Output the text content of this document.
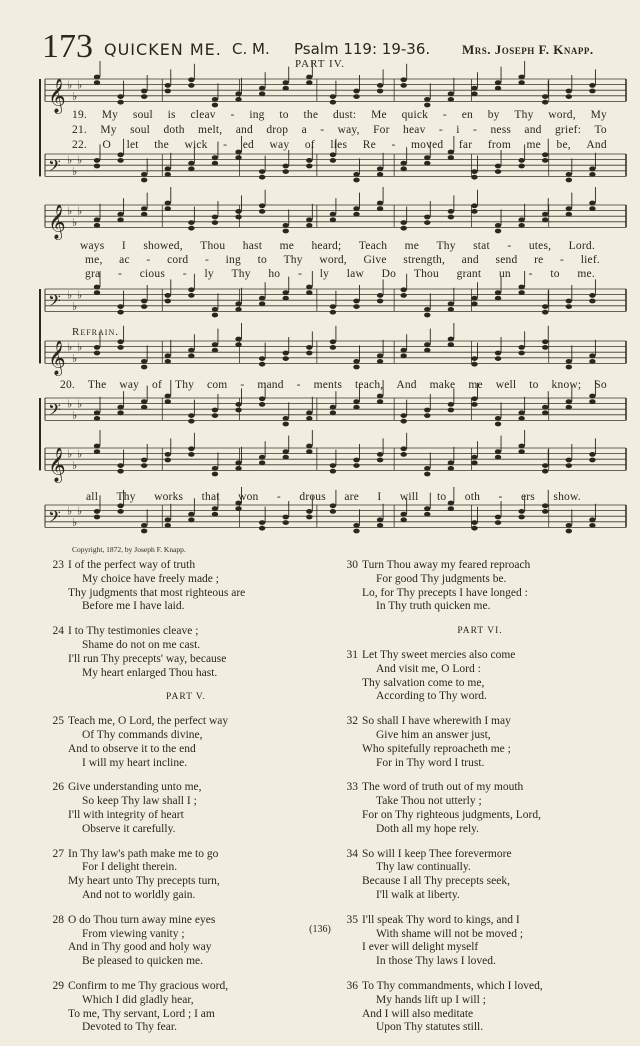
173 QUICKEN ME. C. M. Psalm 119: 19-36. Mrs. Joseph F. Knapp.
PART IV.
𝄞 ♭
♭
♭
𝄢 ♭
♭
♭
𝄞 ♭
♭
♭
𝄢 ♭
♭
♭
𝄞 ♭
♭
♭
𝄢 ♭
♭
♭
𝄞 ♭
♭
♭
𝄢 ♭
♭
♭
19. My soul is cleav - ing to the dust: Me quick - en by Thy word, My
21. My soul doth melt, and drop a - way, For heav - i - ness and grief: To
22. O let the wick - ed way of lies Re - moved far from me be, And
ways I showed, Thou hast me heard; Teach me Thy stat - utes, Lord.
me, ac - cord - ing to Thy word, Give strength, and send re - lief.
gra - cious - ly Thy ho - ly law Do Thou grant un - to me.
Refrain.
20. The way of Thy com - mand - ments teach, And make me well to know; So
all Thy works that won - drous are I will to oth - ers show.
Copyright, 1872, by Joseph F. Knapp.
23 I of the perfect way of truth
My choice have freely made ;
Thy judgments that most righteous are
Before me I have laid.
24 I to Thy testimonies cleave ;
Shame do not on me cast.
I'll run Thy precepts' way, because
My heart enlarged Thou hast.
PART V.
25 Teach me, O Lord, the perfect way
Of Thy commands divine,
And to observe it to the end
I will my heart incline.
26 Give understanding unto me,
So keep Thy law shall I ;
I'll with integrity of heart
Observe it carefully.
27 In Thy law's path make me to go
For I delight therein.
My heart unto Thy precepts turn,
And not to worldly gain.
28 O do Thou turn away mine eyes
From viewing vanity ;
And in Thy good and holy way
Be pleased to quicken me.
29 Confirm to me Thy gracious word,
Which I did gladly hear,
To me, Thy servant, Lord ; I am
Devoted to Thy fear.
30 Turn Thou away my feared reproach
For good Thy judgments be.
Lo, for Thy precepts I have longed :
In Thy truth quicken me.
PART VI.
31 Let Thy sweet mercies also come
And visit me, O Lord :
Thy salvation come to me,
According to Thy word.
32 So shall I have wherewith I may
Give him an answer just,
Who spitefully reproacheth me ;
For in Thy word I trust.
33 The word of truth out of my mouth
Take Thou not utterly ;
For on Thy righteous judgments, Lord,
Doth all my hope rely.
34 So will I keep Thee forevermore
Thy law continually.
Because I all Thy precepts seek,
I'll walk at liberty.
35 I'll speak Thy word to kings, and I
With shame will not be moved ;
I ever will delight myself
In those Thy laws I loved.
36 To Thy commandments, which I loved,
My hands lift up I will ;
And I will also meditate
Upon Thy statutes still.
(136)
